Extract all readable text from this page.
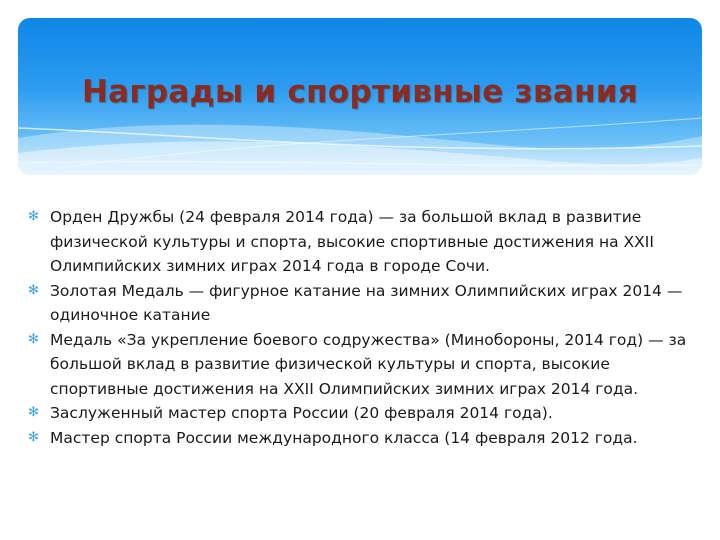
Награды и спортивные звания
✻ Орден Дружбы (24 февраля 2014 года) — за большой вклад в развитие физической культуры и спорта, высокие спортивные достижения на XXII Олимпийских зимних играх 2014 года в городе Сочи.
✻ Золотая Медаль — фигурное катание на зимних Олимпийских играх 2014 — одиночное катание
✻ Медаль «За укрепление боевого содружества» (Минобороны, 2014 год) — за большой вклад в развитие физической культуры и спорта, высокие спортивные достижения на XXII Олимпийских зимних играх 2014 года.
✻ Заслуженный мастер спорта России (20 февраля 2014 года).
✻ Мастер спорта России международного класса (14 февраля 2012 года.
